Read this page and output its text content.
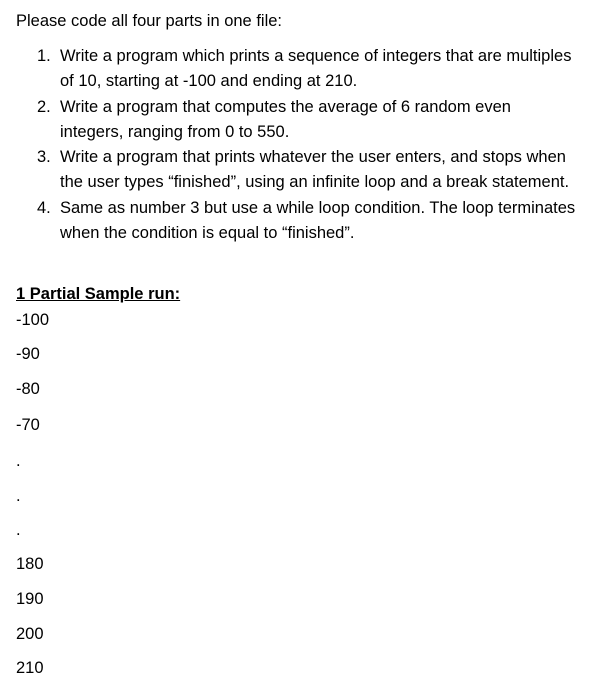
Please code all four parts in one file:
1. Write a program which prints a sequence of integers that are multiples of 10, starting at -100 and ending at 210.
2. Write a program that computes the average of 6 random even integers, ranging from 0 to 550.
3. Write a program that prints whatever the user enters, and stops when the user types “finished”, using an infinite loop and a break statement.
4. Same as number 3 but use a while loop condition. The loop terminates when the condition is equal to “finished”.
1 Partial Sample run:
-100
-90
-80
-70
.
.
.
180
190
200
210
